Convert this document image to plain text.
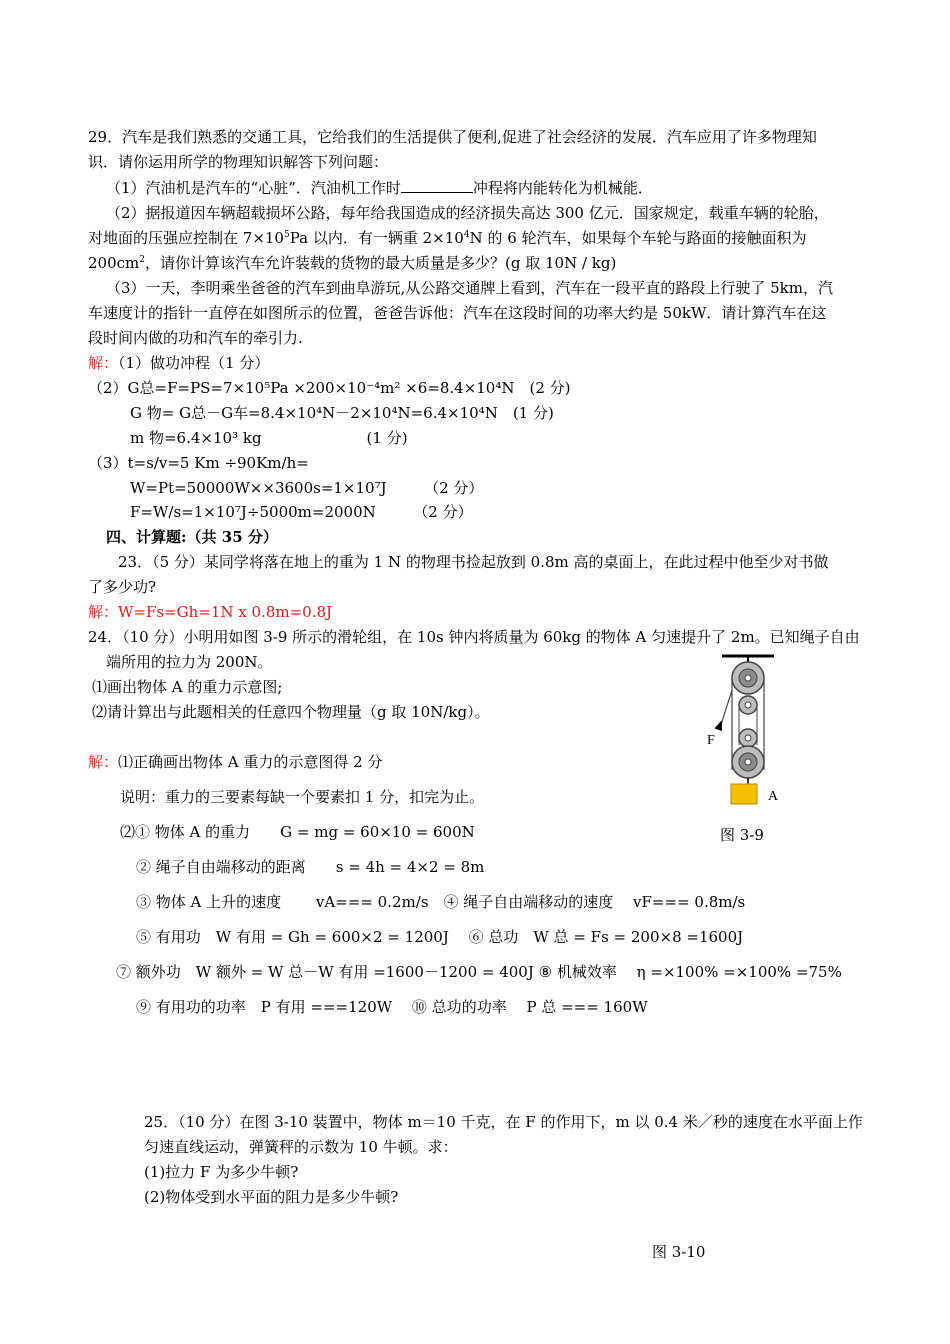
29．汽车是我们熟悉的交通工具，它给我们的生活提供了便利,促进了社会经济的发展．汽车应用了许多物理知
识．请你运用所学的物理知识解答下列问题：
（1）汽油机是汽车的“心脏”．汽油机工作时	冲程将内能转化为机械能．
（2）据报道因车辆超载损坏公路，每年给我国造成的经济损失高达 300 亿元．国家规定，载重车辆的轮胎，
对地面的压强应控制在 $7\times 10^5Pa$ 以内．有一辆重 $2\times 10^4N$ 的 6 轮汽车，如果每个车轮与路面的接触面积为
$200cm^2$，请你计算该汽车允许装载的货物的最大质量是多少？(g 取 10N / kg)
（3）一天，李明乘坐爸爸的汽车到曲阜游玩,从公路交通牌上看到，汽车在一段平直的路段上行驶了 5km，汽
车速度计的指针一直停在如图所示的位置，爸爸告诉他：汽车在这段时间的功率大约是 50kW．请计算汽车在这
段时间内做的功和汽车的牵引力.
解：（1）做功冲程（1 分）
（2）G总=F=PS=7×10⁵Pa ×200×10⁻⁴m² ×6=8.4×10⁴N　(2 分)
G 物= G总－G车=8.4×10⁴N－2×10⁴N=6.4×10⁴N　(1 分)
m 物=6.4×10³ kg　　　　　　　(1 分)
（3）t=s/v=5 Km ÷90Km/h=
W=Pt=50000W××3600s=1×10⁷J　　　（2 分）
F=W/s=1×10⁷J÷5000m=2000N　　　（2 分）
四、计算题:（共 35 分）
23．（5 分）某同学将落在地上的重为 1 N 的物理书捡起放到 0.8m 高的桌面上，在此过程中他至少对书做
了多少功?
解：W=Fs=Gh=1N x 0.8m=0.8J
24．（10 分）小明用如图 3-9 所示的滑轮组，在 10s 钟内将质量为 60kg 的物体 A 匀速提升了 2m。已知绳子自由
端所用的拉力为 200N。
⑴画出物体 A 的重力示意图;
⑵请计算出与此题相关的任意四个物理量（g 取 10N/kg）。
F
A
图 3-9
解：⑴正确画出物体 A 重力的示意图得 2 分
说明：重力的三要素每缺一个要素扣 1 分，扣完为止。
⑵① 物体 A 的重力　　G = mg = 60×10 = 600N
② 绳子自由端移动的距离　　s = 4h = 4×2 = 8m
③ 物体 A 上升的速度　　 vA=== 0.2m/s　④ 绳子自由端移动的速度　 vF=== 0.8m/s
⑤ 有用功　W 有用 = Gh = 600×2 = 1200J　 ⑥ 总功　W 总 = Fs = 200×8 =1600J
⑦ 额外功　W 额外 = W 总－W 有用 =1600－1200 = 400J ⑧ 机械效率　 η =×100% =×100% =75%
⑨ 有用功的功率　P 有用 ===120W　 ⑩ 总功的功率　 P 总 === 160W
25．（10 分）在图 3-10 装置中，物体 m＝10 千克，在 F 的作用下，m 以 0.4 米／秒的速度在水平面上作
匀速直线运动，弹簧秤的示数为 10 牛顿。求：
(1)拉力 F 为多少牛顿?
(2)物体受到水平面的阻力是多少牛顿?
图 3-10
